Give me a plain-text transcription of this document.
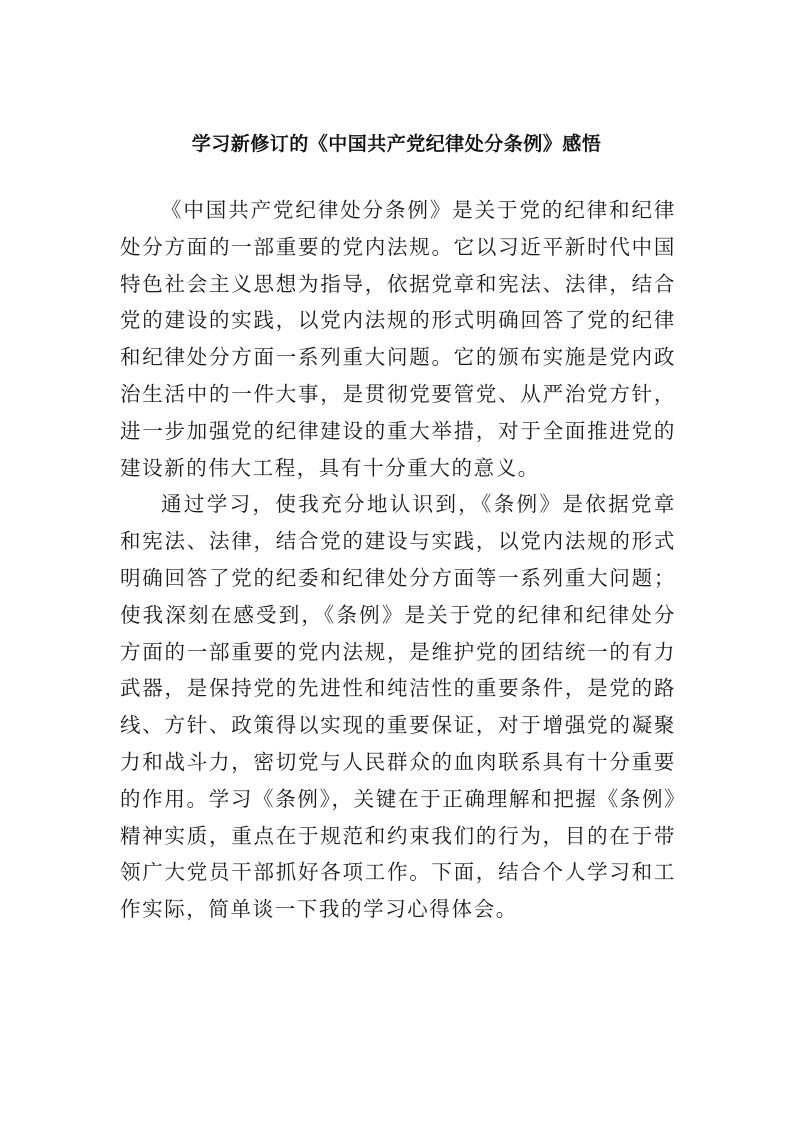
学习新修订的《中国共产党纪律处分条例》感悟

《中国共产党纪律处分条例》是关于党的纪律和纪律处分方面的一部重要的党内法规。它以习近平新时代中国特色社会主义思想为指导，依据党章和宪法、法律，结合党的建设的实践，以党内法规的形式明确回答了党的纪律和纪律处分方面一系列重大问题。它的颁布实施是党内政治生活中的一件大事，是贯彻党要管党、从严治党方针，进一步加强党的纪律建设的重大举措，对于全面推进党的建设新的伟大工程，具有十分重大的意义。

通过学习，使我充分地认识到，《条例》是依据党章和宪法、法律，结合党的建设与实践，以党内法规的形式明确回答了党的纪委和纪律处分方面等一系列重大问题；使我深刻在感受到，《条例》是关于党的纪律和纪律处分方面的一部重要的党内法规，是维护党的团结统一的有力武器，是保持党的先进性和纯洁性的重要条件，是党的路线、方针、政策得以实现的重要保证，对于增强党的凝聚力和战斗力，密切党与人民群众的血肉联系具有十分重要的作用。学习《条例》，关键在于正确理解和把握《条例》精神实质，重点在于规范和约束我们的行为，目的在于带领广大党员干部抓好各项工作。下面，结合个人学习和工作实际，简单谈一下我的学习心得体会。
